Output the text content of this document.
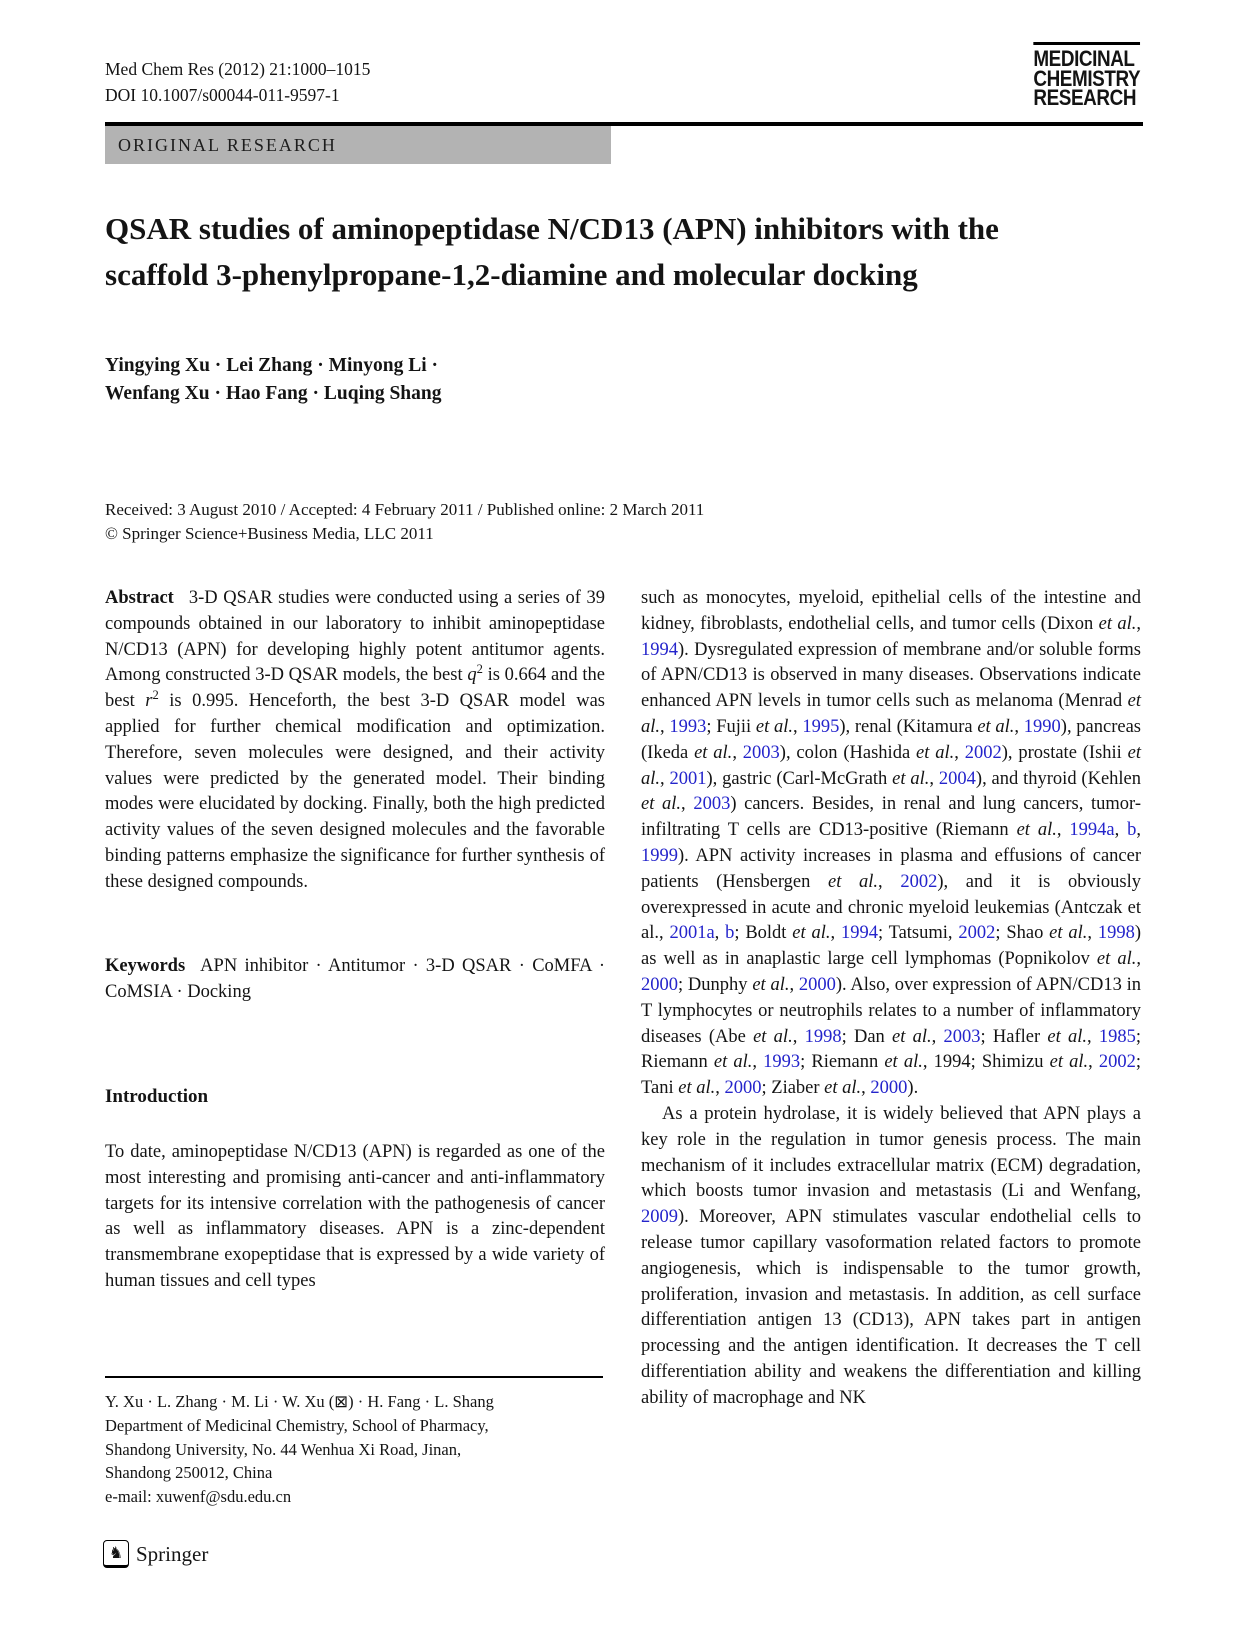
Med Chem Res (2012) 21:1000–1015
DOI 10.1007/s00044-011-9597-1
MEDICINAL
CHEMISTRY
RESEARCH
ORIGINAL RESEARCH
QSAR studies of aminopeptidase N/CD13 (APN) inhibitors with the scaffold 3-phenylpropane-1,2-diamine and molecular docking
Yingying Xu · Lei Zhang · Minyong Li ·
Wenfang Xu · Hao Fang · Luqing Shang
Received: 3 August 2010 / Accepted: 4 February 2011 / Published online: 2 March 2011
© Springer Science+Business Media, LLC 2011
Abstract 3-D QSAR studies were conducted using a series of 39 compounds obtained in our laboratory to inhibit aminopeptidase N/CD13 (APN) for developing highly potent antitumor agents. Among constructed 3-D QSAR models, the best $q^2$ is 0.664 and the best $r^2$ is 0.995. Henceforth, the best 3-D QSAR model was applied for further chemical modification and optimization. Therefore, seven molecules were designed, and their activity values were predicted by the generated model. Their binding modes were elucidated by docking. Finally, both the high predicted activity values of the seven designed molecules and the favorable binding patterns emphasize the significance for further synthesis of these designed compounds.
Keywords APN inhibitor · Antitumor · 3-D QSAR · CoMFA · CoMSIA · Docking
Introduction
To date, aminopeptidase N/CD13 (APN) is regarded as one of the most interesting and promising anti-cancer and anti-inflammatory targets for its intensive correlation with the pathogenesis of cancer as well as inflammatory diseases. APN is a zinc-dependent transmembrane exopeptidase that is expressed by a wide variety of human tissues and cell types

such as monocytes, myeloid, epithelial cells of the intestine and kidney, fibroblasts, endothelial cells, and tumor cells (Dixon et al., 1994). Dysregulated expression of membrane and/or soluble forms of APN/CD13 is observed in many diseases. Observations indicate enhanced APN levels in tumor cells such as melanoma (Menrad et al., 1993; Fujii et al., 1995), renal (Kitamura et al., 1990), pancreas (Ikeda et al., 2003), colon (Hashida et al., 2002), prostate (Ishii et al., 2001), gastric (Carl-McGrath et al., 2004), and thyroid (Kehlen et al., 2003) cancers. Besides, in renal and lung cancers, tumor-infiltrating T cells are CD13-positive (Riemann et al., 1994a, b, 1999). APN activity increases in plasma and effusions of cancer patients (Hensbergen et al., 2002), and it is obviously overexpressed in acute and chronic myeloid leukemias (Antczak et al., 2001a, b; Boldt et al., 1994; Tatsumi, 2002; Shao et al., 1998) as well as in anaplastic large cell lymphomas (Popnikolov et al., 2000; Dunphy et al., 2000). Also, over expression of APN/CD13 in T lymphocytes or neutrophils relates to a number of inflammatory diseases (Abe et al., 1998; Dan et al., 2003; Hafler et al., 1985; Riemann et al., 1993; Riemann et al., 1994; Shimizu et al., 2002; Tani et al., 2000; Ziaber et al., 2000).

As a protein hydrolase, it is widely believed that APN plays a key role in the regulation in tumor genesis process. The main mechanism of it includes extracellular matrix (ECM) degradation, which boosts tumor invasion and metastasis (Li and Wenfang, 2009). Moreover, APN stimulates vascular endothelial cells to release tumor capillary vasoformation related factors to promote angiogenesis, which is indispensable to the tumor growth, proliferation, invasion and metastasis. In addition, as cell surface differentiation antigen 13 (CD13), APN takes part in antigen processing and the antigen identification. It decreases the T cell differentiation ability and weakens the differentiation and killing ability of macrophage and NK

Y. Xu · L. Zhang · M. Li · W. Xu (⊠) · H. Fang · L. Shang
Department of Medicinal Chemistry, School of Pharmacy,
Shandong University, No. 44 Wenhua Xi Road, Jinan,
Shandong 250012, China
e-mail: xuwenf@sdu.edu.cn
♞ Springer
